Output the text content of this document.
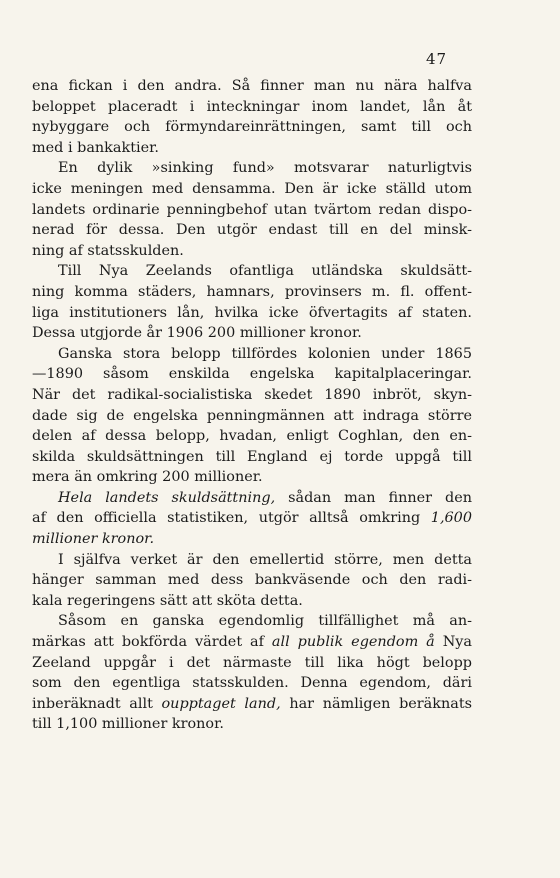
47
ena fickan i den andra. Så finner man nu nära halfva
beloppet placeradt i inteckningar inom landet, lån åt
nybyggare och förmyndareinrättningen, samt till och
med i bankaktier.
En dylik »sinking fund» motsvarar naturligtvis
icke meningen med densamma. Den är icke ställd utom
landets ordinarie penningbehof utan tvärtom redan dispo-
nerad för dessa. Den utgör endast till en del minsk-
ning af statsskulden.
Till Nya Zeelands ofantliga utländska skuldsätt-
ning komma städers, hamnars, provinsers m. fl. offent-
liga institutioners lån, hvilka icke öfvertagits af staten.
Dessa utgjorde år 1906 200 millioner kronor.
Ganska stora belopp tillfördes kolonien under 1865
—1890 såsom enskilda engelska kapitalplaceringar.
När det radikal-socialistiska skedet 1890 inbröt, skyn-
dade sig de engelska penningmännen att indraga större
delen af dessa belopp, hvadan, enligt Coghlan, den en-
skilda skuldsättningen till England ej torde uppgå till
mera än omkring 200 millioner.
Hela landets skuldsättning, sådan man finner den
af den officiella statistiken, utgör alltså omkring 1,600
millioner kronor.
I själfva verket är den emellertid större, men detta
hänger samman med dess bankväsende och den radi-
kala regeringens sätt att sköta detta.
Såsom en ganska egendomlig tillfällighet må an-
märkas att bokförda värdet af all publik egendom å Nya
Zeeland uppgår i det närmaste till lika högt belopp
som den egentliga statsskulden. Denna egendom, däri
inberäknadt allt oupptaget land, har nämligen beräknats
till 1,100 millioner kronor.
